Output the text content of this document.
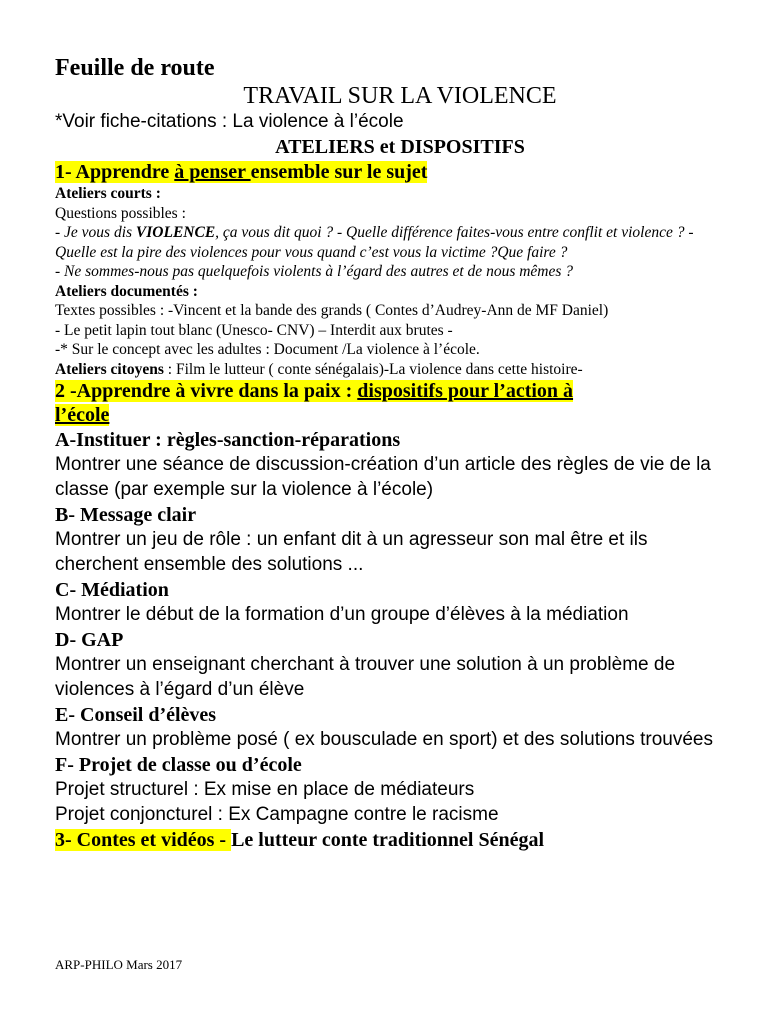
Feuille de route

TRAVAIL SUR LA VIOLENCE

*Voir fiche-citations : La violence à l’école

ATELIERS et DISPOSITIFS

1- Apprendre à penser ensemble sur le sujet

Ateliers courts :

Questions possibles :

- Je vous dis VIOLENCE, ça vous dit quoi ? - Quelle différence faites-vous entre conflit et violence ? - Quelle est la pire des violences pour vous quand c’est vous la victime ?Que faire ?

- Ne sommes-nous pas quelquefois violents à l’égard des autres et de nous mêmes ?

Ateliers documentés :

Textes possibles : -Vincent et la bande des grands ( Contes d’Audrey-Ann de MF Daniel)

- Le petit lapin tout blanc (Unesco- CNV) – Interdit aux brutes -

-* Sur le concept avec les adultes : Document /La violence à l’école.

Ateliers citoyens : Film le lutteur ( conte sénégalais)-La violence dans cette histoire-

2 -Apprendre à vivre dans la paix : dispositifs pour l’action à
l’école

A-Instituer : règles-sanction-réparations

Montrer une séance de discussion-création d’un article des règles de vie de la classe (par exemple sur la violence à l’école)

B- Message clair

Montrer un jeu de rôle : un enfant dit à un agresseur son mal être et ils cherchent ensemble des solutions ...

C- Médiation

Montrer le début de la formation d’un groupe d’élèves à la médiation

D- GAP

Montrer un enseignant cherchant à trouver une solution à un problème de violences à l’égard d’un élève

E- Conseil d’élèves

Montrer un problème posé ( ex bousculade en sport) et des solutions trouvées

F- Projet de classe ou d’école

Projet structurel : Ex mise en place de médiateurs

Projet conjoncturel : Ex Campagne contre le racisme

3- Contes et vidéos - Le lutteur conte traditionnel Sénégal

ARP-PHILO Mars 2017
